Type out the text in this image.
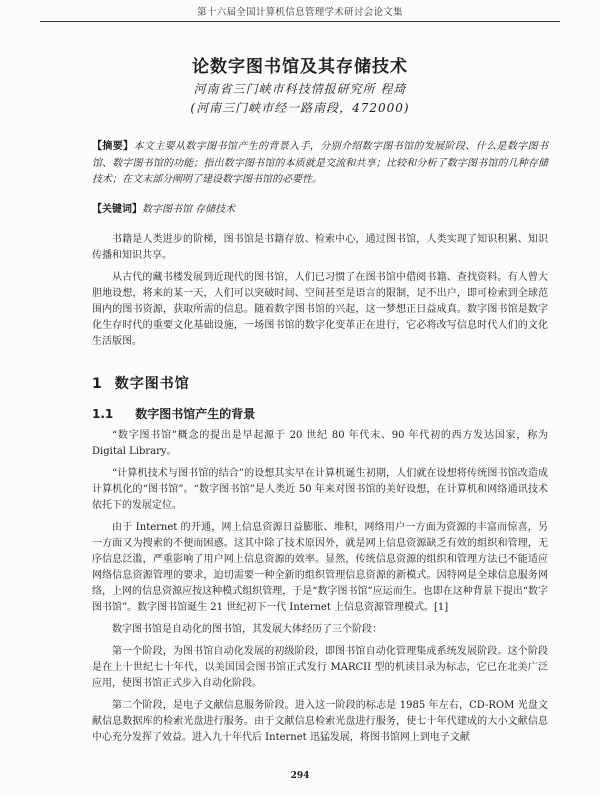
第十六届全国计算机信息管理学术研讨会论文集
论数字图书馆及其存储技术
河南省三门峡市科技情报研究所 程琦
(河南三门峡市经一路南段，472000)

【摘要】本文主要从数字图书馆产生的背景入手，分别介绍数字图书馆的发展阶段、什么是数字图书馆、数字图书馆的功能；指出数字图书馆的本质就是交流和共享；比较和分析了数字图书馆的几种存储技术；在文末部分阐明了建设数字图书馆的必要性。

【关键词】数字图书馆 存储技术

书籍是人类进步的阶梯，图书馆是书籍存放、检索中心，通过图书馆，人类实现了知识积累、知识传播和知识共享。

从古代的藏书楼发展到近现代的图书馆，人们已习惯了在图书馆中借阅书籍、查找资料。有人曾大胆地设想，将来的某一天，人们可以突破时间、空间甚至是语言的限制，足不出户，即可检索到全球范围内的图书资源，获取所需的信息。随着数字图书馆的兴起，这一梦想正日益成真。数字图书馆是数字化生存时代的重要文化基础设施，一场图书馆的数字化变革正在进行，它必将改写信息时代人们的文化生活版图。

1 数字图书馆
1.1 数字图书馆产生的背景

“数字图书馆”概念的提出是早起源于 20 世纪 80 年代末、90 年代初的西方发达国家，称为 Digital Library。

“计算机技术与图书馆的结合”的设想其实早在计算机诞生初期，人们就在设想将传统图书馆改造成计算机化的“图书馆”。“数字图书馆”是人类近 50 年来对图书馆的美好设想，在计算机和网络通讯技术依托下的发展定位。

由于 Internet 的开通，网上信息资源日益膨胀、堆积，网络用户一方面为资源的丰富而惊喜，另一方面又为搜索的不便而困惑。这其中除了技术原因外，就是网上信息资源缺乏有效的组织和管理，无序信息泛滥，严重影响了用户网上信息资源的效率。显然，传统信息资源的组织和管理方法已不能适应网络信息资源管理的要求，迫切需要一种全新的组织管理信息资源的新模式。因特网是全球信息服务网络，上网的信息资源应按这种模式组织管理，于是“数字图书馆”应运而生。也即在这种背景下提出“数字图书馆”。数字图书馆诞生 21 世纪初下一代 Internet 上信息资源管理模式。[1]

数字图书馆是自动化的图书馆，其发展大体经历了三个阶段：

第一个阶段，为图书馆自动化发展的初级阶段，即图书馆自动化管理集成系统发展阶段。这个阶段是在上十世纪七十年代，以美国国会图书馆正式发行 MARCII 型的机读目录为标志，它已在北美广泛应用，使图书馆正式步入自动化阶段。

第二个阶段，是电子文献信息服务阶段。进入这一阶段的标志是 1985 年左右，CD-ROM 光盘文献信息数据库的检索光盘进行服务。由于文献信息检索光盘进行服务，使七十年代建成的大小文献信息中心充分发挥了效益。进入九十年代后 Internet 迅猛发展，将图书馆网上到电子文献

294
